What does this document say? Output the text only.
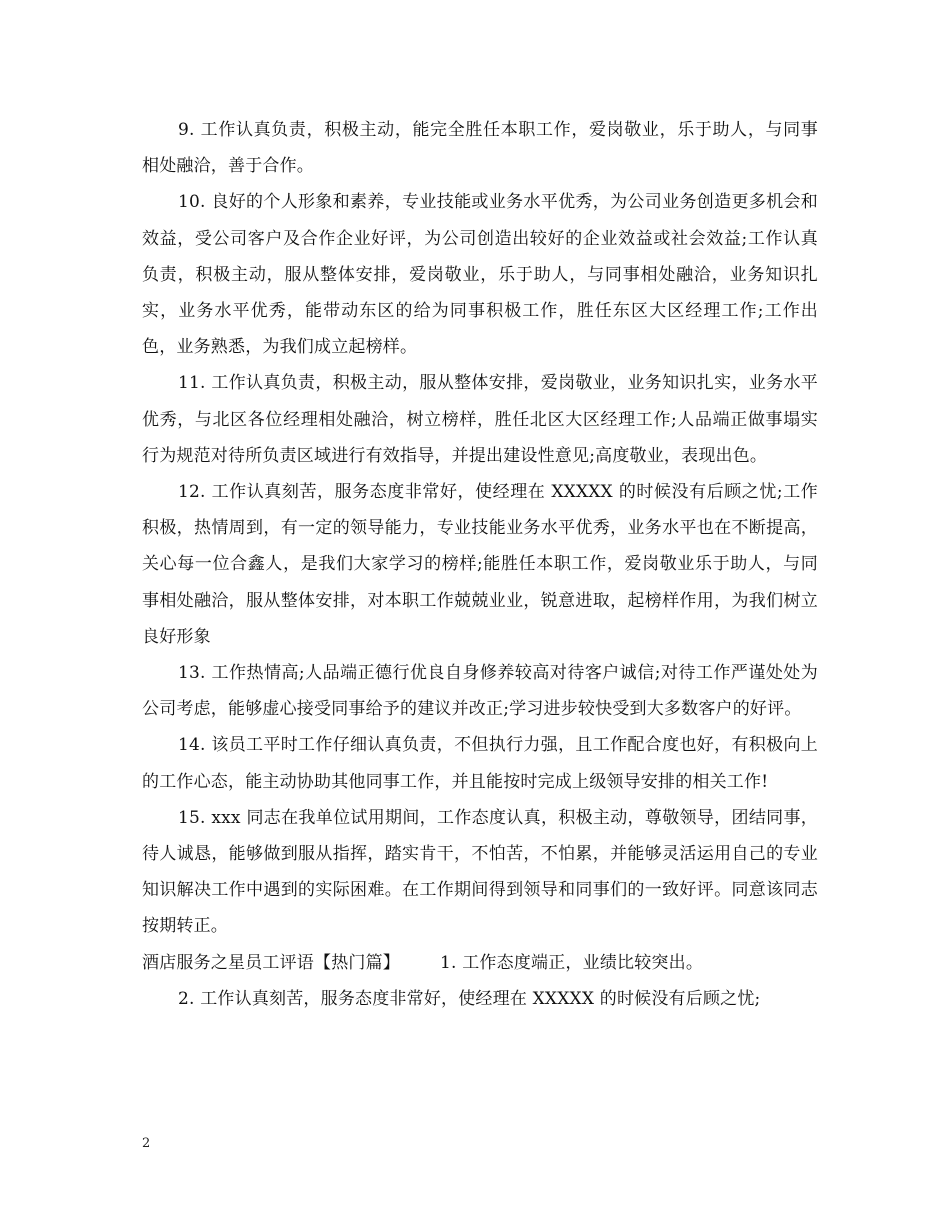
9. 工作认真负责，积极主动，能完全胜任本职工作，爱岗敬业，乐于助人，与同事相处融洽，善于合作。

10. 良好的个人形象和素养，专业技能或业务水平优秀，为公司业务创造更多机会和效益，受公司客户及合作企业好评，为公司创造出较好的企业效益或社会效益;工作认真负责，积极主动，服从整体安排，爱岗敬业，乐于助人，与同事相处融洽，业务知识扎实，业务水平优秀，能带动东区的给为同事积极工作，胜任东区大区经理工作;工作出色，业务熟悉，为我们成立起榜样。

11. 工作认真负责，积极主动，服从整体安排，爱岗敬业，业务知识扎实，业务水平优秀，与北区各位经理相处融洽，树立榜样，胜任北区大区经理工作;人品端正做事塌实行为规范对待所负责区域进行有效指导，并提出建设性意见;高度敬业，表现出色。

12. 工作认真刻苦，服务态度非常好，使经理在 XXXXX 的时候没有后顾之忧;工作积极，热情周到，有一定的领导能力，专业技能业务水平优秀，业务水平也在不断提高，关心每一位合鑫人，是我们大家学习的榜样;能胜任本职工作，爱岗敬业乐于助人，与同事相处融洽，服从整体安排，对本职工作兢兢业业，锐意进取，起榜样作用，为我们树立良好形象

13. 工作热情高;人品端正德行优良自身修养较高对待客户诚信;对待工作严谨处处为公司考虑，能够虚心接受同事给予的建议并改正;学习进步较快受到大多数客户的好评。

14. 该员工平时工作仔细认真负责，不但执行力强，且工作配合度也好，有积极向上的工作心态，能主动协助其他同事工作，并且能按时完成上级领导安排的相关工作!

15. xxx 同志在我单位试用期间，工作态度认真，积极主动，尊敬领导，团结同事，待人诚恳，能够做到服从指挥，踏实肯干，不怕苦，不怕累，并能够灵活运用自己的专业知识解决工作中遇到的实际困难。在工作期间得到领导和同事们的一致好评。同意该同志按期转正。

酒店服务之星员工评语【热门篇】 1. 工作态度端正，业绩比较突出。

2. 工作认真刻苦，服务态度非常好，使经理在 XXXXX 的时候没有后顾之忧;

2
